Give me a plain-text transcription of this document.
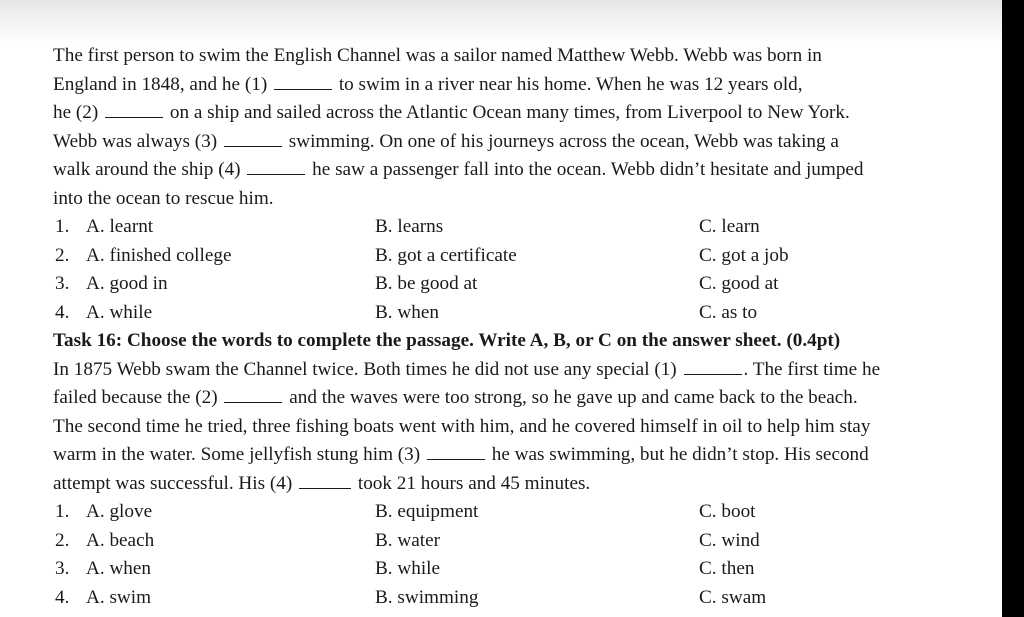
The first person to swim the English Channel was a sailor named Matthew Webb. Webb was born in
England in 1848, and he (1)	to swim in a river near his home. When he was 12 years old,
he (2)	on a ship and sailed across the Atlantic Ocean many times, from Liverpool to New York.
Webb was always (3)	swimming. On one of his journeys across the ocean, Webb was taking a
walk around the ship (4)	he saw a passenger fall into the ocean. Webb didn’t hesitate and jumped
into the ocean to rescue him.
1. A. learnt	B. learns	C. learn
2. A. finished college	B. got a certificate	C. got a job
3. A. good in	B. be good at	C. good at
4. A. while	B. when	C. as to
Task 16: Choose the words to complete the passage. Write A, B, or C on the answer sheet. (0.4pt)
In 1875 Webb swam the Channel twice. Both times he did not use any special (1)	. The first time he
failed because the (2)	and the waves were too strong, so he gave up and came back to the beach.
The second time he tried, three fishing boats went with him, and he covered himself in oil to help him stay
warm in the water. Some jellyfish stung him (3)	he was swimming, but he didn’t stop. His second
attempt was successful. His (4)	took 21 hours and 45 minutes.
1. A. glove	B. equipment	C. boot
2. A. beach	B. water	C. wind
3. A. when	B. while	C. then
4. A. swim	B. swimming	C. swam
